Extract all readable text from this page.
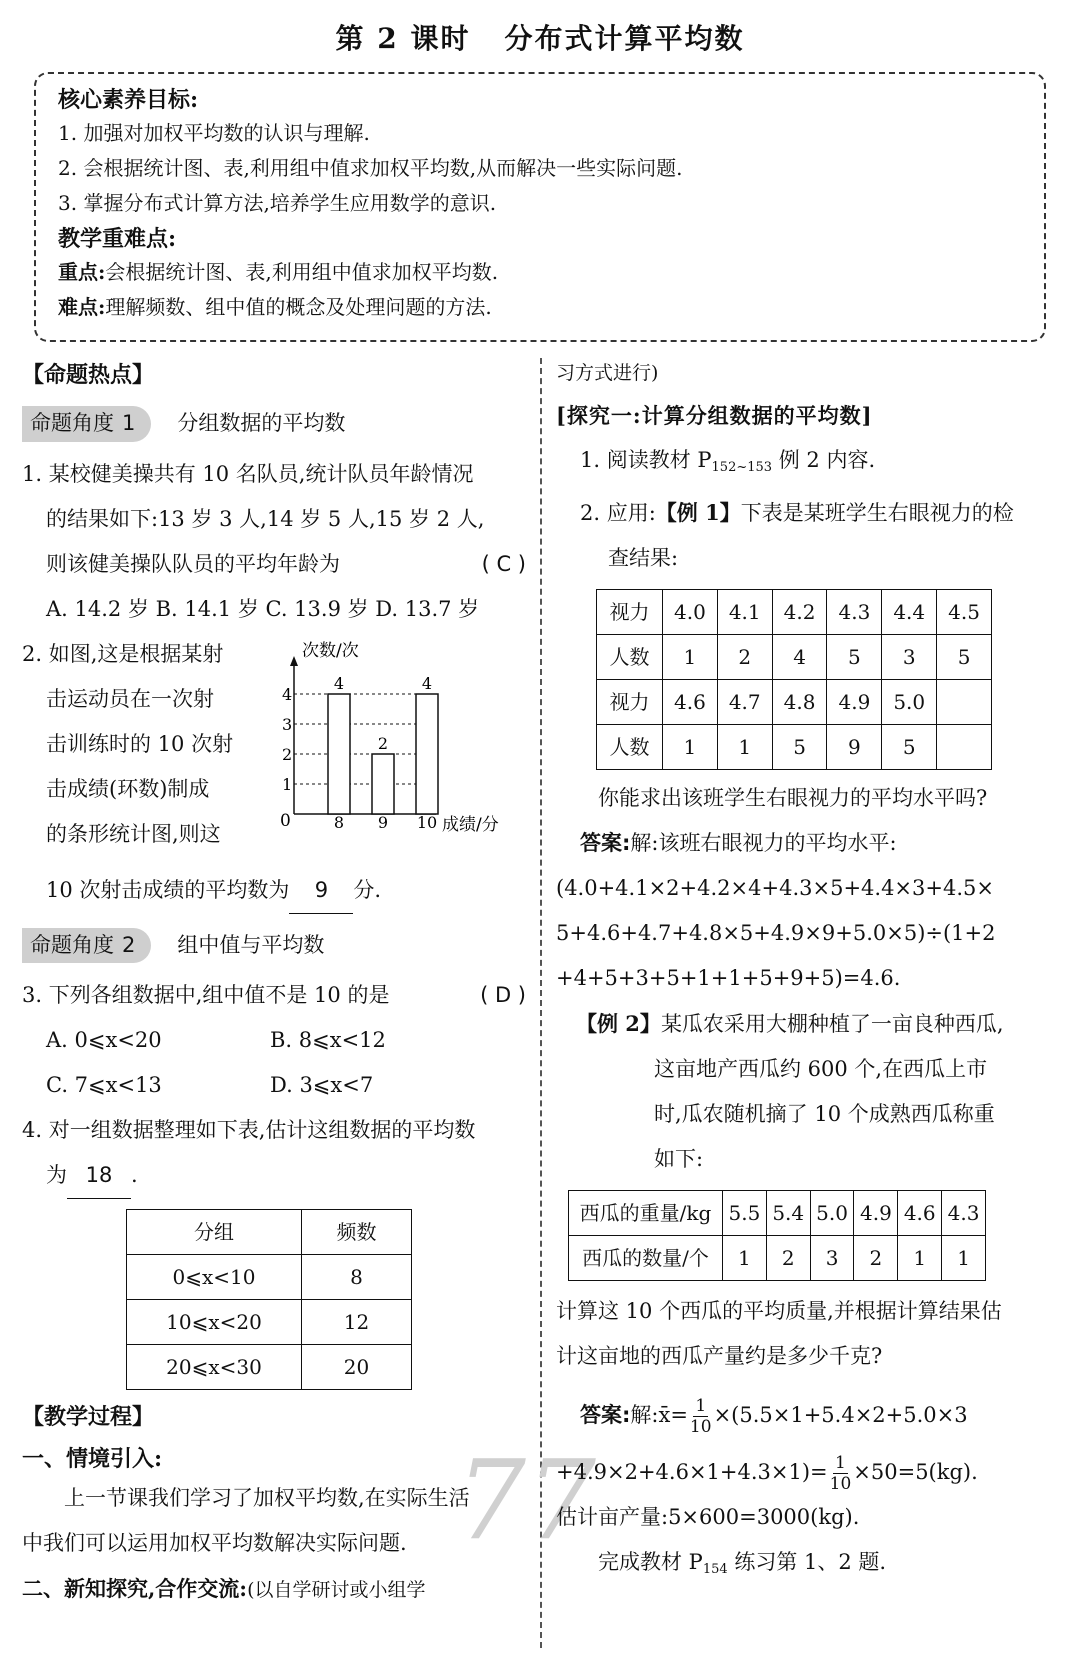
第 2 课时 分布式计算平均数
核心素养目标:
1. 加强对加权平均数的认识与理解.
2. 会根据统计图、表,利用组中值求加权平均数,从而解决一些实际问题.
3. 掌握分布式计算方法,培养学生应用数学的意识.
教学重难点:
重点:会根据统计图、表,利用组中值求加权平均数.
难点:理解频数、组中值的概念及处理问题的方法.
【命题热点】
命题角度 1	分组数据的平均数
1. 某校健美操共有 10 名队员,统计队员年龄情况
的结果如下:13 岁 3 人,14 岁 5 人,15 岁 2 人,
则该健美操队队员的平均年龄为	( C )
A. 14.2 岁 B. 14.1 岁 C. 13.9 岁 D. 13.7 岁
2. 如图,这是根据某射
击运动员在一次射
击训练时的 10 次射
击成绩(环数)制成
的条形统计图,则这
次数/次
成绩/分
0
1
2
3
4
4
8
2
9
4
10
10 次射击成绩的平均数为 9 分.
命题角度 2	组中值与平均数
3. 下列各组数据中,组中值不是 10 的是	( D )
A. 0⩽x<20	B. 8⩽x<12
C. 7⩽x<13	D. 3⩽x<7
4. 对一组数据整理如下表,估计这组数据的平均数
为 18 .
分组	频数
0⩽x<10	8
10⩽x<20	12
20⩽x<30	20
【教学过程】
一、情境引入:
上一节课我们学习了加权平均数,在实际生活
中我们可以运用加权平均数解决实际问题.
二、新知探究,合作交流:(以自学研讨或小组学
77
习方式进行)
[探究一:计算分组数据的平均数]
1. 阅读教材 P152~153 例 2 内容.
2. 应用:【例 1】下表是某班学生右眼视力的检
查结果:
视力	4.0	4.1	4.2	4.3	4.4	4.5
人数	1	2	4	5	3	5
视力	4.6	4.7	4.8	4.9	5.0	
人数	1	1	5	9	5	
你能求出该班学生右眼视力的平均水平吗?
答案:解:该班右眼视力的平均水平:
(4.0+4.1×2+4.2×4+4.3×5+4.4×3+4.5×
5+4.6+4.7+4.8×5+4.9×9+5.0×5)÷(1+2
+4+5+3+5+1+1+5+9+5)=4.6.
【例 2】某瓜农采用大棚种植了一亩良种西瓜,
这亩地产西瓜约 600 个,在西瓜上市
时,瓜农随机摘了 10 个成熟西瓜称重
如下:
西瓜的重量/kg	5.5	5.4	5.0	4.9	4.6	4.3
西瓜的数量/个	1	2	3	2	1	1
计算这 10 个西瓜的平均质量,并根据计算结果估
计这亩地的西瓜产量约是多少千克?
答案:解:x̄= $\frac{1}{10} \times(5.5\times 1+5.4\times 2+5.0\times 3$
$+4.9\times 2+4.6\times 1+4.3\times 1)= \frac{1}{10} \times 50=5(kg)$.
估计亩产量:5×600=3000(kg).
完成教材 P154 练习第 1、2 题.
